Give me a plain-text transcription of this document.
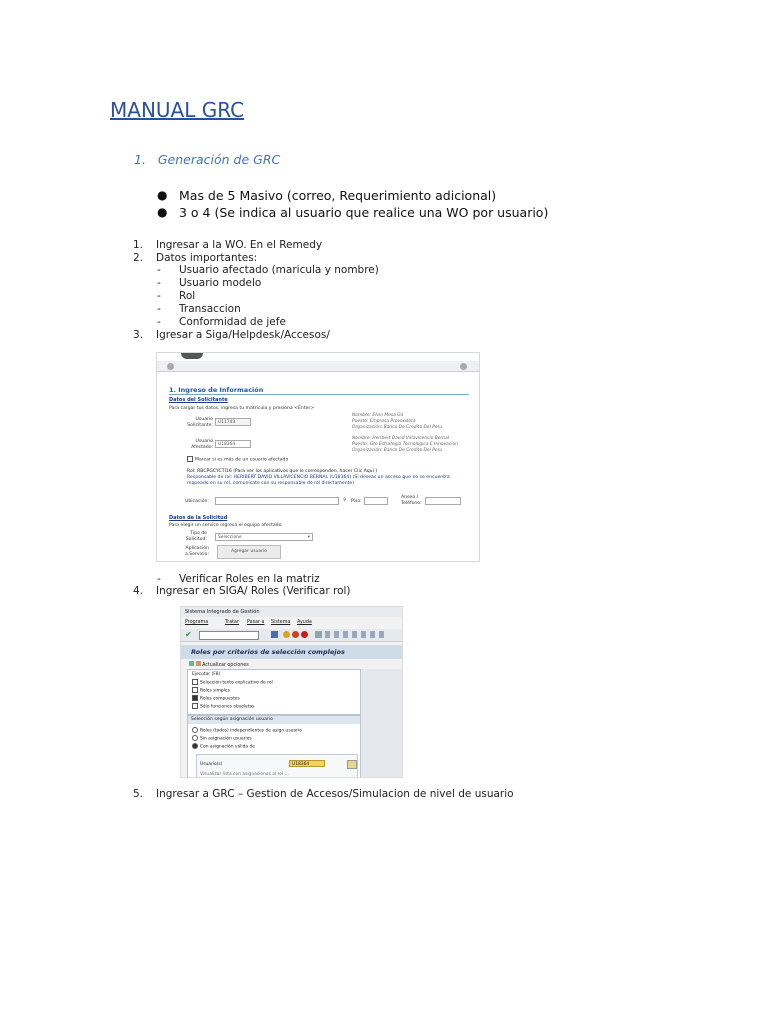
MANUAL GRC
1. Generación de GRC
● Mas de 5 Masivo (correo, Requerimiento adicional)
● 3 o 4 (Se indica al usuario que realice una WO por usuario)
1. Ingresar a la WO. En el Remedy
2. Datos importantes:
- Usuario afectado (maricula y nombre)
- Usuario modelo
- Rol
- Transaccion
- Conformidad de jefe
3. Igresar a Siga/Helpdesk/Accesos/
1. Ingreso de Información
Datos del Solicitante
Para cargar tus datos, ingresa tu matrícula y presiona <Enter>
Usuario
Solicitante:
U11743
Nombre: Elvin Mesa Gil
Puesto: Empresa Proveedora
Organización: Banco De Credito Del Peru
Usuario
Afectado:
U18364
Nombre: Heribert David Villavicencio Bernal
Puesto: Gte Estrategia Tecnologica E Innovacion
Organización: Banco De Credito Del Peru
Marcar si es más de un usuario afectado
Rol: RBCPGCYCTI16 (Para ver los aplicativos que le corresponden, hacer Clic Aquí )
Responsable de rol: HERIBERT DAVID VILLAVICENCIO BERNAL (U18364) (Si deseas un acceso que no se encuentra
mapeado en su rol, comunícate con su responsable de rol directamente)
Ubicación:	⚲ Piso:
Anexo /
Teléfono:
Datos de la Solicitud
Para elegir un service ingresa el equipo afectado.
Tipo de
Solicitud:	Seleccione	▾
Aplicación
a Servicio:
Agregar usuario
- Verificar Roles en la matriz
4. Ingresar en SIGA/ Roles (Verificar rol)
Sistema Integrado de Gestión
Programa	Tratar Pasar a Sistema Ayuda
✔
Roles por criterios de selección complejos
Actualizar opciones
Ejecutar (F8)
Selección texto explicativo de rol
Roles simples
Roles compuestos
Sólo funciones obsoletas
Selección según asignación usuario
Roles (todos) independientes de asign.usuario
Sin asignación usuarios
Con asignación válida de
Usuario(s)	U18364
Visualizar lista con asignaciones al rol ...
5. Ingresar a GRC – Gestion de Accesos/Simulacion de nivel de usuario
